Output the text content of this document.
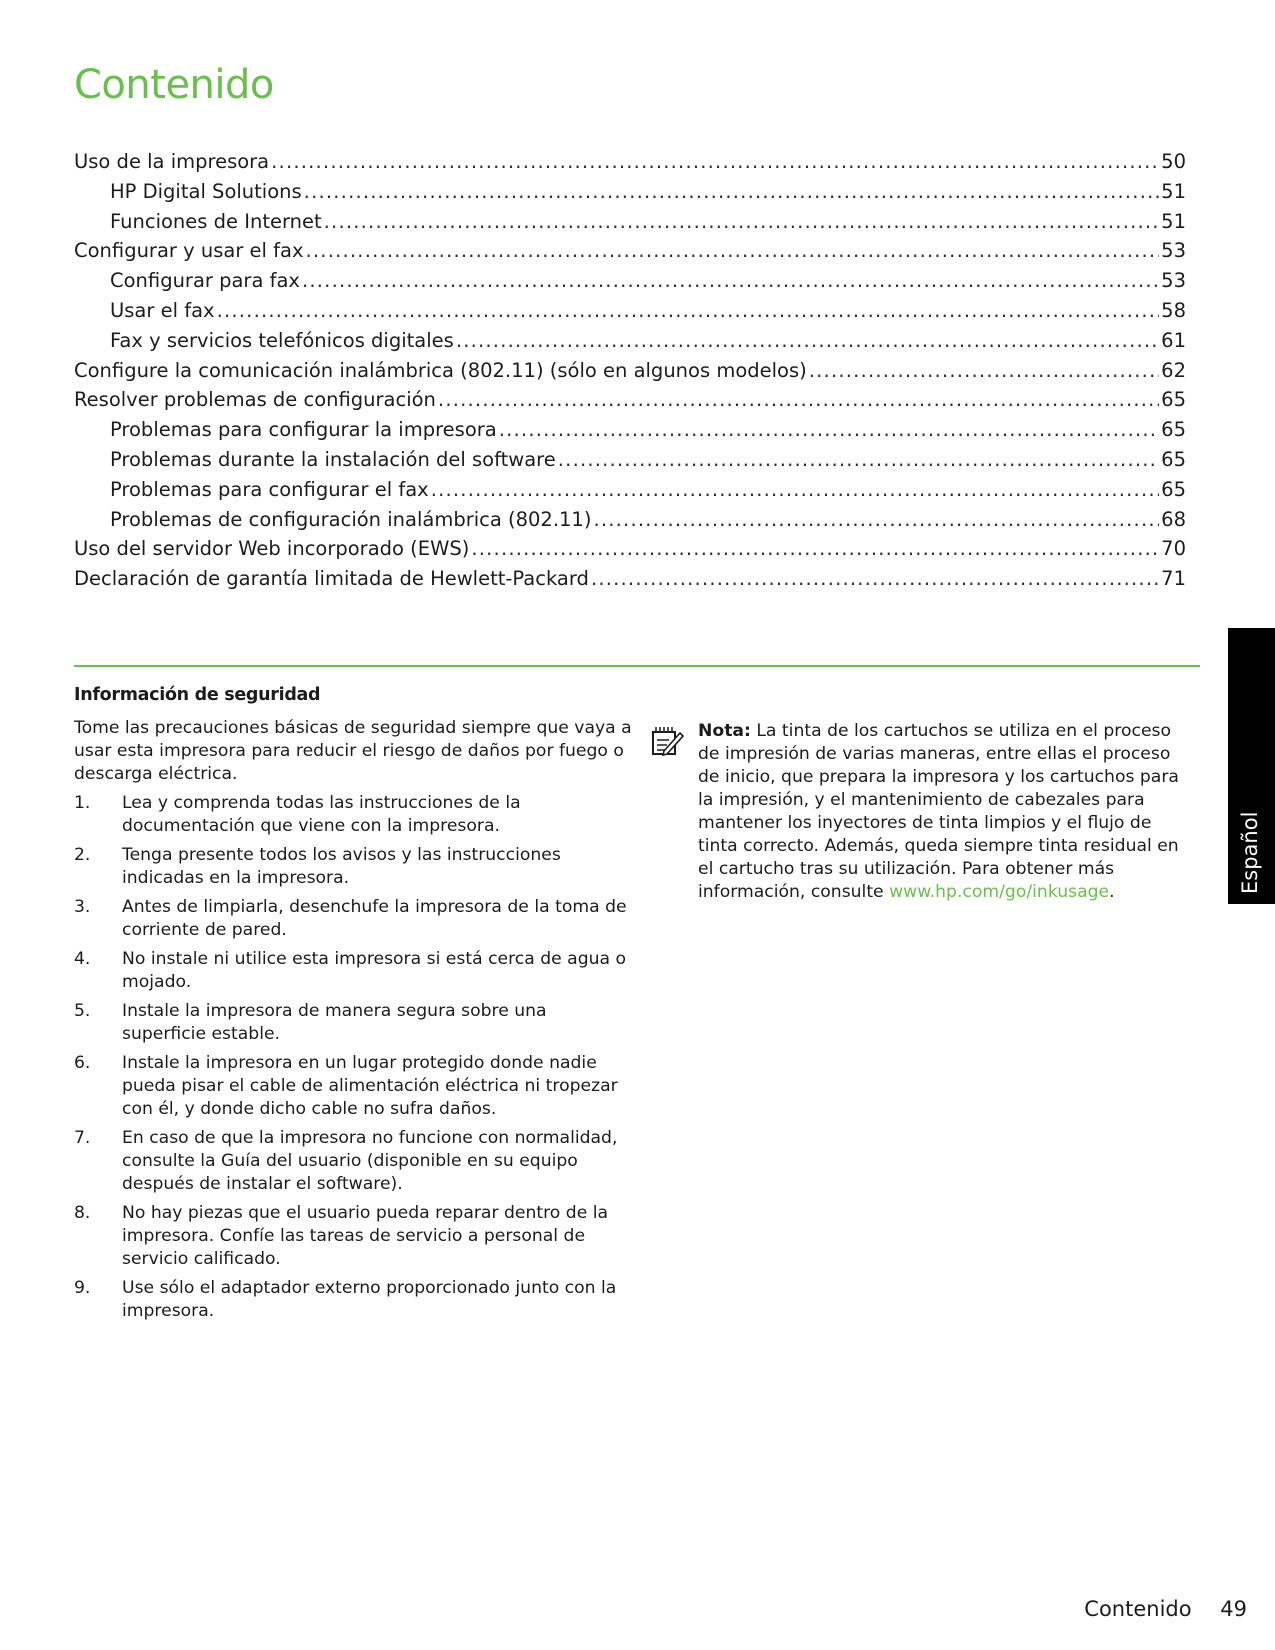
Contenido
Uso de la impresora .....	50
HP Digital Solutions .....	51
Funciones de Internet .....	51
Configurar y usar el fax .....	53
Configurar para fax .....	53
Usar el fax .....	58
Fax y servicios telefónicos digitales .....	61
Configure la comunicación inalámbrica (802.11) (sólo en algunos modelos) .....	62
Resolver problemas de configuración .....	65
Problemas para configurar la impresora .....	65
Problemas durante la instalación del software .....	65
Problemas para configurar el fax .....	65
Problemas de configuración inalámbrica (802.11) .....	68
Uso del servidor Web incorporado (EWS) .....	70
Declaración de garantía limitada de Hewlett-Packard .....	71
Información de seguridad

Tome las precauciones básicas de seguridad siempre que vaya a usar esta impresora para reducir el riesgo de daños por fuego o descarga eléctrica.

1.	Lea y comprenda todas las instrucciones de la documentación que viene con la impresora.
2.	Tenga presente todos los avisos y las instrucciones indicadas en la impresora.
3.	Antes de limpiarla, desenchufe la impresora de la toma de corriente de pared.
4.	No instale ni utilice esta impresora si está cerca de agua o mojado.
5.	Instale la impresora de manera segura sobre una superficie estable.
6.	Instale la impresora en un lugar protegido donde nadie pueda pisar el cable de alimentación eléctrica ni tropezar con él, y donde dicho cable no sufra daños.
7.	En caso de que la impresora no funcione con normalidad, consulte la Guía del usuario (disponible en su equipo después de instalar el software).
8.	No hay piezas que el usuario pueda reparar dentro de la impresora. Confíe las tareas de servicio a personal de servicio calificado.
9.	Use sólo el adaptador externo proporcionado junto con la impresora.
Nota: La tinta de los cartuchos se utiliza en el proceso de impresión de varias maneras, entre ellas el proceso de inicio, que prepara la impresora y los cartuchos para la impresión, y el mantenimiento de cabezales para mantener los inyectores de tinta limpios y el flujo de tinta correcto. Además, queda siempre tinta residual en el cartucho tras su utilización. Para obtener más información, consulte www.hp.com/go/inkusage.	Español
Contenido 49
